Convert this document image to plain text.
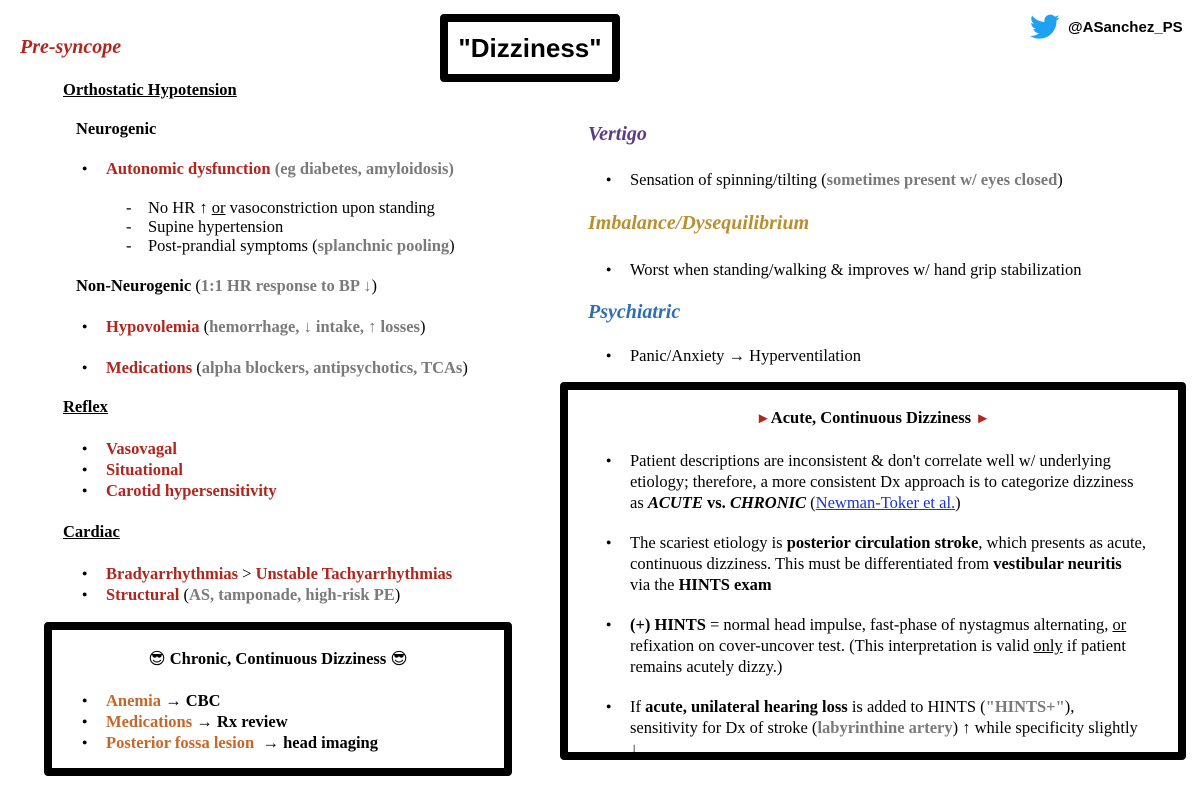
"Dizziness"
@ASanchez_PS
Pre-syncope
Orthostatic Hypotension
Neurogenic
● Autonomic dysfunction (eg diabetes, amyloidosis)
- No HR ↑ or vasoconstriction upon standing
- Supine hypertension
- Post-prandial symptoms (splanchnic pooling)
Non-Neurogenic (1:1 HR response to BP ↓)
● Hypovolemia (hemorrhage, ↓ intake, ↑ losses)
● Medications (alpha blockers, antipsychotics, TCAs)
Reflex
● Vasovagal
● Situational
● Carotid hypersensitivity
Cardiac
● Bradyarrhythmias > Unstable Tachyarrhythmias
● Structural (AS, tamponade, high-risk PE)
😎 Chronic, Continuous Dizziness 😎
● Anemia → CBC
● Medications → Rx review
● Posterior fossa lesion  → head imaging
Vertigo
● Sensation of spinning/tilting (sometimes present w/ eyes closed)
Imbalance/Dysequilibrium
● Worst when standing/walking & improves w/ hand grip stabilization
Psychiatric
● Panic/Anxiety → Hyperventilation
►Acute, Continuous Dizziness ►
● Patient descriptions are inconsistent & don't correlate well w/ underlying etiology; therefore, a more consistent Dx approach is to categorize dizziness as ACUTE vs. CHRONIC (Newman-Toker et al.)
● The scariest etiology is posterior circulation stroke, which presents as acute, continuous dizziness. This must be differentiated from vestibular neuritis via the HINTS exam
● (+) HINTS = normal head impulse, fast-phase of nystagmus alternating, or refixation on cover-uncover test. (This interpretation is valid only if patient remains acutely dizzy.)
● If acute, unilateral hearing loss is added to HINTS ("HINTS+"), sensitivity for Dx of stroke (labyrinthine artery) ↑ while specificity slightly ↓
